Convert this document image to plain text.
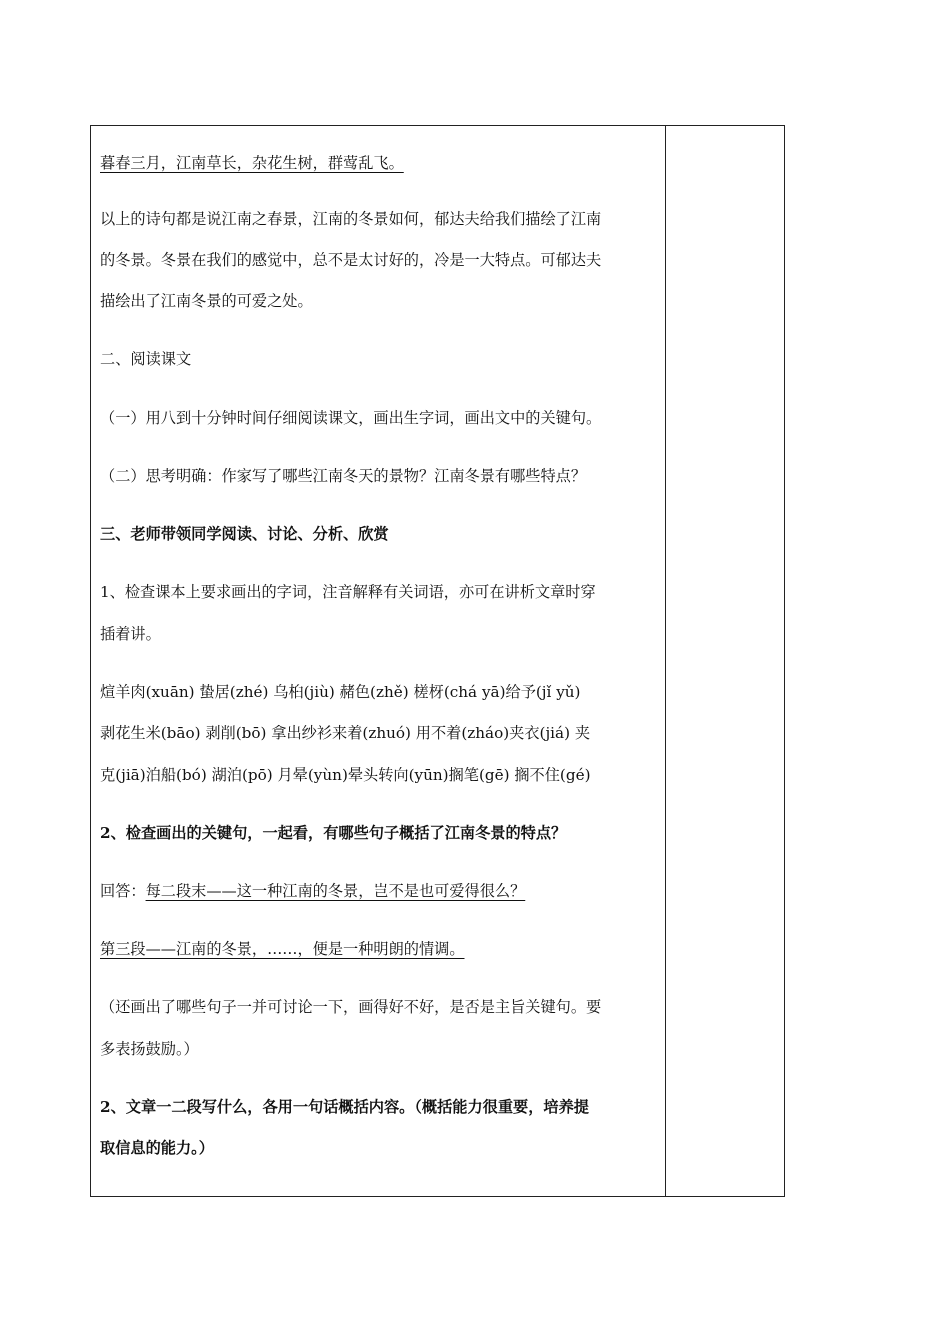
暮春三月，江南草长，杂花生树，群莺乱飞。
以上的诗句都是说江南之春景，江南的冬景如何，郁达夫给我们描绘了江南
的冬景。冬景在我们的感觉中，总不是太讨好的，冷是一大特点。可郁达夫
描绘出了江南冬景的可爱之处。
二、阅读课文
（一）用八到十分钟时间仔细阅读课文，画出生字词，画出文中的关键句。
（二）思考明确：作家写了哪些江南冬天的景物？江南冬景有哪些特点？
三、老师带领同学阅读、讨论、分析、欣赏
1、检查课本上要求画出的字词，注音解释有关词语，亦可在讲析文章时穿
插着讲。
煊羊肉(xuān) 蛰居(zhé) 乌桕(jiù) 赭色(zhě) 槎枒(chá yā)给予(jǐ yǔ)
剥花生米(bāo) 剥削(bō) 拿出纱衫来着(zhuó) 用不着(zháo)夹衣(jiá) 夹
克(jiā)泊船(bó) 湖泊(pō) 月晕(yùn)晕头转向(yūn)搁笔(gē) 搁不住(gé)
2、检查画出的关键句，一起看，有哪些句子概括了江南冬景的特点？
回答：每二段末——这一种江南的冬景，岂不是也可爱得很么？
第三段——江南的冬景，……，便是一种明朗的情调。
（还画出了哪些句子一并可讨论一下，画得好不好，是否是主旨关键句。要
多表扬鼓励。）
2、文章一二段写什么，各用一句话概括内容。（概括能力很重要，培养提
取信息的能力。）
